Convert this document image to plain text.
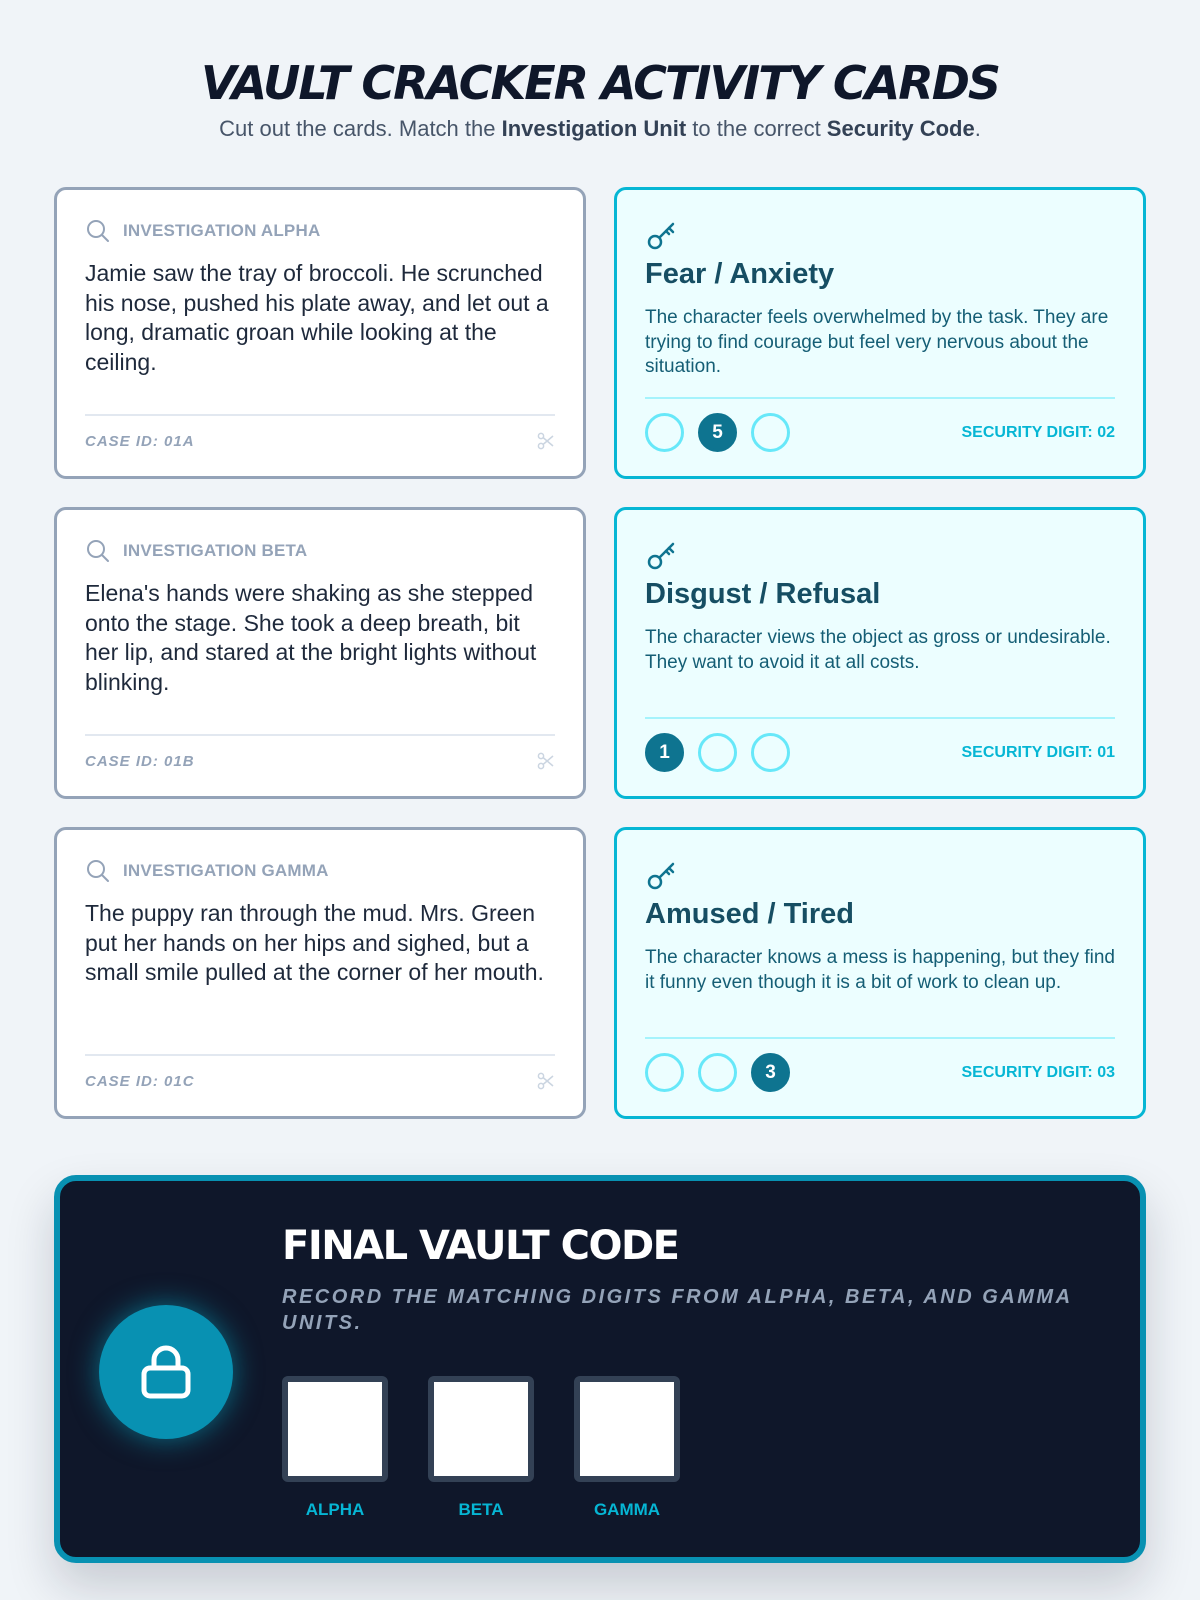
VAULT CRACKER ACTIVITY CARDS

Cut out the cards. Match the Investigation Unit to the correct Security Code.

INVESTIGATION ALPHA

Jamie saw the tray of broccoli. He scrunched his nose, pushed his plate away, and let out a long, dramatic groan while looking at the ceiling.

CASE ID: 01A
INVESTIGATION BETA

Elena's hands were shaking as she stepped onto the stage. She took a deep breath, bit her lip, and stared at the bright lights without blinking.

CASE ID: 01B
INVESTIGATION GAMMA

The puppy ran through the mud. Mrs. Green put her hands on her hips and sighed, but a small smile pulled at the corner of her mouth.

CASE ID: 01C
Fear / Anxiety

The character feels overwhelmed by the task. They are trying to find courage but feel very nervous about the situation.

5	SECURITY DIGIT: 02
Disgust / Refusal

The character views the object as gross or undesirable. They want to avoid it at all costs.

1	SECURITY DIGIT: 01
Amused / Tired

The character knows a mess is happening, but they find it funny even though it is a bit of work to clean up.

3	SECURITY DIGIT: 03
FINAL VAULT CODE

RECORD THE MATCHING DIGITS FROM ALPHA, BETA, AND GAMMA UNITS.

ALPHA	BETA	GAMMA
